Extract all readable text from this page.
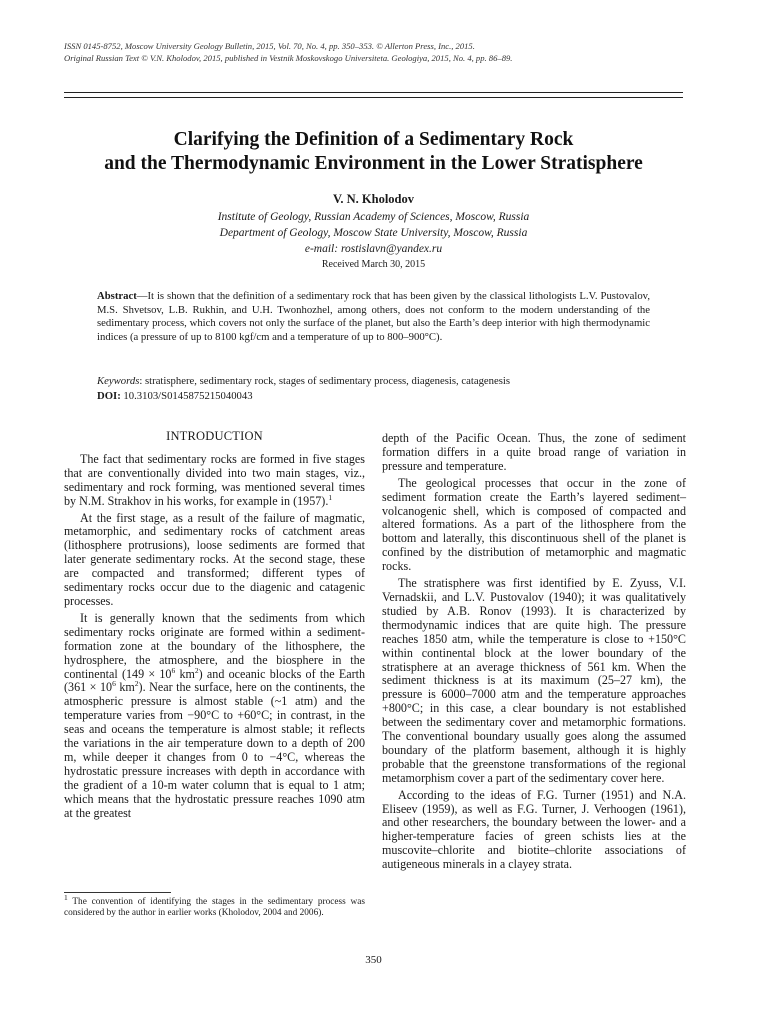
ISSN 0145-8752, Moscow University Geology Bulletin, 2015, Vol. 70, No. 4, pp. 350–353. © Allerton Press, Inc., 2015.
Original Russian Text © V.N. Kholodov, 2015, published in Vestnik Moskovskogo Universiteta. Geologiya, 2015, No. 4, pp. 86–89.
Clarifying the Definition of a Sedimentary Rock
and the Thermodynamic Environment in the Lower Stratisphere
V. N. Kholodov
Institute of Geology, Russian Academy of Sciences, Moscow, Russia
Department of Geology, Moscow State University, Moscow, Russia
e-mail: rostislavn@yandex.ru
Received March 30, 2015
Abstract—It is shown that the definition of a sedimentary rock that has been given by the classical lithologists L.V. Pustovalov, M.S. Shvetsov, L.B. Rukhin, and U.H. Twonhozhel, among others, does not conform to the modern understanding of the sedimentary process, which covers not only the surface of the planet, but also the Earth’s deep interior with high thermodynamic indices (a pressure of up to 8100 kgf/cm and a temperature of up to 800–900°C).
Keywords: stratisphere, sedimentary rock, stages of sedimentary process, diagenesis, catagenesis
DOI: 10.3103/S0145875215040043
INTRODUCTION

The fact that sedimentary rocks are formed in five stages that are conventionally divided into two main stages, viz., sedimentary and rock forming, was mentioned several times by N.M. Strakhov in his works, for example in (1957).$^1$

At the first stage, as a result of the failure of magmatic, metamorphic, and sedimentary rocks of catchment areas (lithosphere protrusions), loose sediments are formed that later generate sedimentary rocks. At the second stage, these are compacted and transformed; different types of sedimentary rocks occur due to the diagenic and catagenic processes.

It is generally known that the sediments from which sedimentary rocks originate are formed within a sediment-formation zone at the boundary of the lithosphere, the hydrosphere, the atmosphere, and the biosphere in the continental ($149 \times 10^6$ $km^2$) and oceanic blocks of the Earth ($361 \times 10^6$ $km^2$). Near the surface, here on the continents, the atmospheric pressure is almost stable (~1 atm) and the temperature varies from −90°C to +60°C; in contrast, in the seas and oceans the temperature is almost stable; it reflects the variations in the air temperature down to a depth of 200 m, while deeper it changes from 0 to −4°C, whereas the hydrostatic pressure increases with depth in accordance with the gradient of a 10-m water column that is equal to 1 atm; which means that the hydrostatic pressure reaches 1090 atm at the greatest

$^1$ The convention of identifying the stages in the sedimentary process was considered by the author in earlier works (Kholodov, 2004 and 2006).

depth of the Pacific Ocean. Thus, the zone of sediment formation differs in a quite broad range of variation in pressure and temperature.

The geological processes that occur in the zone of sediment formation create the Earth’s layered sediment–volcanogenic shell, which is composed of compacted and altered formations. As a part of the lithosphere from the bottom and laterally, this discontinuous shell of the planet is confined by the distribution of metamorphic and magmatic rocks.

The stratisphere was first identified by E. Zyuss, V.I. Vernadskii, and L.V. Pustovalov (1940); it was qualitatively studied by A.B. Ronov (1993). It is characterized by thermodynamic indices that are quite high. The pressure reaches 1850 atm, while the temperature is close to +150°C within continental block at the lower boundary of the stratisphere at an average thickness of 561 km. When the sediment thickness is at its maximum (25–27 km), the pressure is 6000–7000 atm and the temperature approaches +800°C; in this case, a clear boundary is not established between the sedimentary cover and metamorphic formations. The conventional boundary usually goes along the assumed boundary of the platform basement, although it is highly probable that the greenstone transformations of the regional metamorphism cover a part of the sedimentary cover here.

According to the ideas of F.G. Turner (1951) and N.A. Eliseev (1959), as well as F.G. Turner, J. Verhoogen (1961), and other researchers, the boundary between the lower- and a higher-temperature facies of green schists lies at the muscovite–chlorite and biotite–chlorite associations of autigeneous minerals in a clayey strata.

350
